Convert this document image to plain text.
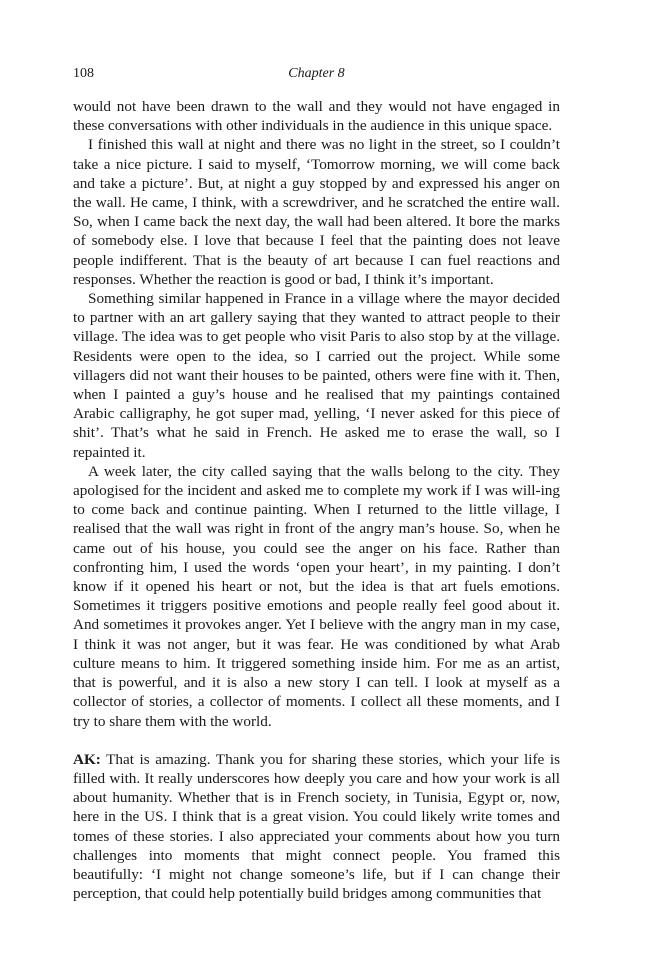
108	Chapter 8

would not have been drawn to the wall and they would not have engaged in these conversations with other individuals in the audience in this unique space.

I finished this wall at night and there was no light in the street, so I couldn’t take a nice picture. I said to myself, ‘Tomorrow morning, we will come back and take a picture’. But, at night a guy stopped by and expressed his anger on the wall. He came, I think, with a screwdriver, and he scratched the entire wall. So, when I came back the next day, the wall had been altered. It bore the marks of somebody else. I love that because I feel that the painting does not leave people indifferent. That is the beauty of art because I can fuel reactions and responses. Whether the reaction is good or bad, I think it’s important.

Something similar happened in France in a village where the mayor decided to partner with an art gallery saying that they wanted to attract people to their village. The idea was to get people who visit Paris to also stop by at the village. Residents were open to the idea, so I carried out the project. While some villagers did not want their houses to be painted, others were fine with it. Then, when I painted a guy’s house and he realised that my paintings contained Arabic calligraphy, he got super mad, yelling, ‘I never asked for this piece of shit’. That’s what he said in French. He asked me to erase the wall, so I repainted it.

A week later, the city called saying that the walls belong to the city. They apologised for the incident and asked me to complete my work if I was will-ing to come back and continue painting. When I returned to the little village, I realised that the wall was right in front of the angry man’s house. So, when he came out of his house, you could see the anger on his face. Rather than confronting him, I used the words ‘open your heart’, in my painting. I don’t know if it opened his heart or not, but the idea is that art fuels emotions. Sometimes it triggers positive emotions and people really feel good about it. And sometimes it provokes anger. Yet I believe with the angry man in my case, I think it was not anger, but it was fear. He was conditioned by what Arab culture means to him. It triggered something inside him. For me as an artist, that is powerful, and it is also a new story I can tell. I look at myself as a collector of stories, a collector of moments. I collect all these moments, and I try to share them with the world.

AK: That is amazing. Thank you for sharing these stories, which your life is filled with. It really underscores how deeply you care and how your work is all about humanity. Whether that is in French society, in Tunisia, Egypt or, now, here in the US. I think that is a great vision. You could likely write tomes and tomes of these stories. I also appreciated your comments about how you turn challenges into moments that might connect people. You framed this beautifully: ‘I might not change someone’s life, but if I can change their perception, that could help potentially build bridges among communities that
